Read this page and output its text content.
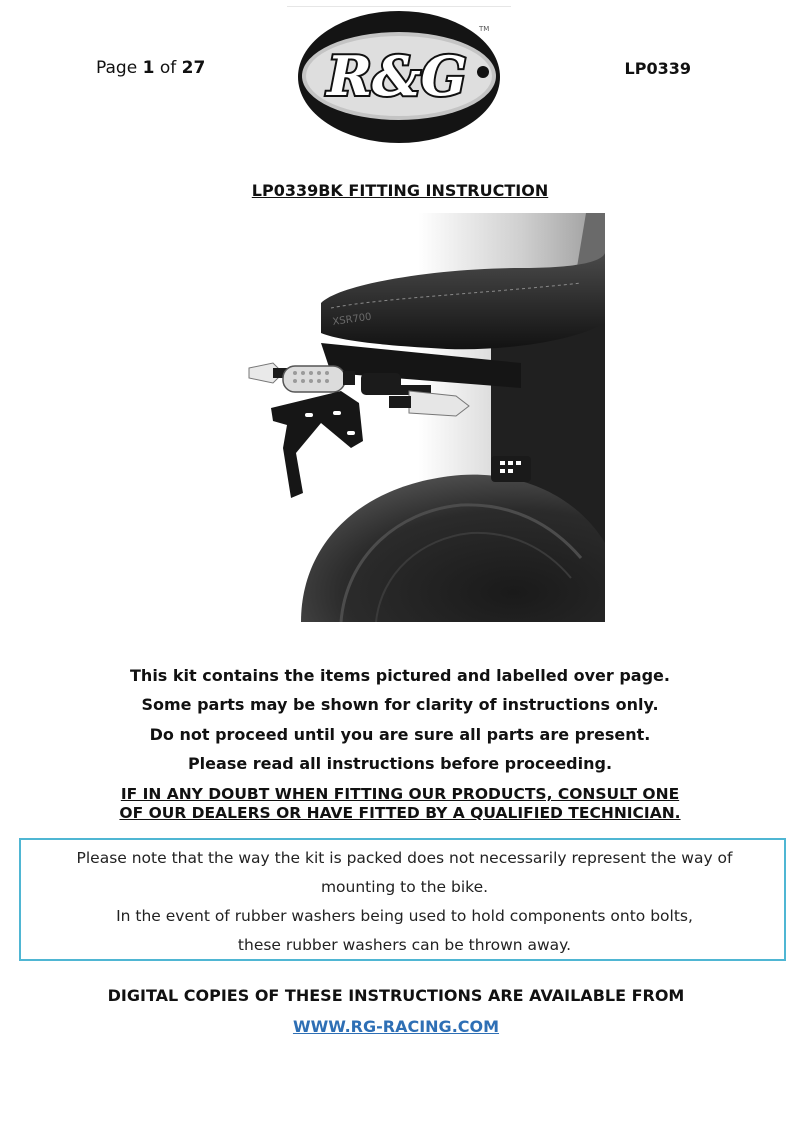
Page 1 of 27 R&G
TM
LP0339
LP0339BK FITTING INSTRUCTION
XSR700
This kit contains the items pictured and labelled over page.
Some parts may be shown for clarity of instructions only.
Do not proceed until you are sure all parts are present.
Please read all instructions before proceeding.
IF IN ANY DOUBT WHEN FITTING OUR PRODUCTS, CONSULT ONE
OF OUR DEALERS OR HAVE FITTED BY A QUALIFIED TECHNICIAN.
Please note that the way the kit is packed does not necessarily represent the way of
mounting to the bike.
In the event of rubber washers being used to hold components onto bolts,
these rubber washers can be thrown away.
DIGITAL COPIES OF THESE INSTRUCTIONS ARE AVAILABLE FROM
WWW.RG-RACING.COM
